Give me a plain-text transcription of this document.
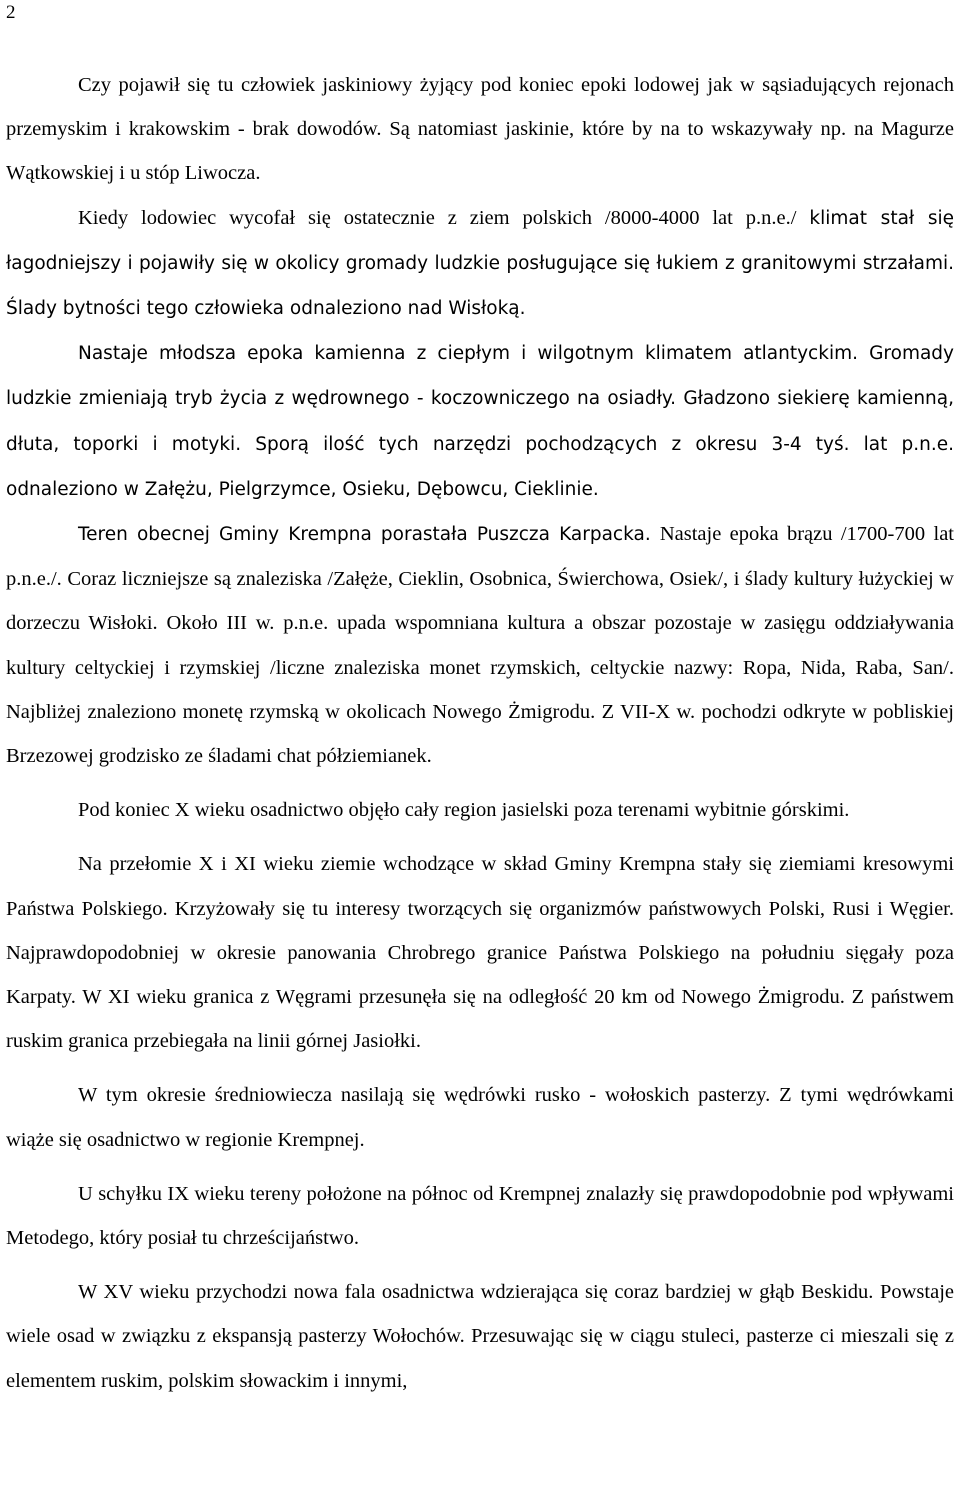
2

Czy pojawił się tu człowiek jaskiniowy żyjący pod koniec epoki lodowej jak w sąsiadujących rejonach przemyskim i krakowskim - brak dowodów. Są natomiast jaskinie, które by na to wskazywały np. na Magurze Wątkowskiej i u stóp Liwocza.

Kiedy lodowiec wycofał się ostatecznie z ziem polskich /8000-4000 lat p.n.e./ klimat stał się łagodniejszy i pojawiły się w okolicy gromady ludzkie posługujące się łukiem z granitowymi strzałami. Ślady bytności tego człowieka odnaleziono nad Wisłoką.

Nastaje młodsza epoka kamienna z ciepłym i wilgotnym klimatem atlantyckim. Gromady ludzkie zmieniają tryb życia z wędrownego - koczowniczego na osiadły. Gładzono siekierę kamienną, dłuta, toporki i motyki. Sporą ilość tych narzędzi pochodzących z okresu 3-4 tyś. lat p.n.e. odnaleziono w Załężu, Pielgrzymce, Osieku, Dębowcu, Cieklinie.

Teren obecnej Gminy Krempna porastała Puszcza Karpacka. Nastaje epoka brązu /1700-700 lat p.n.e./. Coraz liczniejsze są znaleziska /Załęże, Cieklin, Osobnica, Świerchowa, Osiek/, i ślady kultury łużyckiej w dorzeczu Wisłoki. Około III w. p.n.e. upada wspomniana kultura a obszar pozostaje w zasięgu oddziaływania kultury celtyckiej i rzymskiej /liczne znaleziska monet rzymskich, celtyckie nazwy: Ropa, Nida, Raba, San/. Najbliżej znaleziono monetę rzymską w okolicach Nowego Żmigrodu. Z VII-X w. pochodzi odkryte w pobliskiej Brzezowej grodzisko ze śladami chat półziemianek.

Pod koniec X wieku osadnictwo objęło cały region jasielski poza terenami wybitnie górskimi.

Na przełomie X i XI wieku ziemie wchodzące w skład Gminy Krempna stały się ziemiami kresowymi Państwa Polskiego. Krzyżowały się tu interesy tworzących się organizmów państwowych Polski, Rusi i Węgier. Najprawdopodobniej w okresie panowania Chrobrego granice Państwa Polskiego na południu sięgały poza Karpaty. W XI wieku granica z Węgrami przesunęła się na odległość 20 km od Nowego Żmigrodu. Z państwem ruskim granica przebiegała na linii górnej Jasiołki.

W tym okresie średniowiecza nasilają się wędrówki rusko - wołoskich pasterzy. Z tymi wędrówkami wiąże się osadnictwo w regionie Krempnej.

U schyłku IX wieku tereny położone na północ od Krempnej znalazły się prawdopodobnie pod wpływami Metodego, który posiał tu chrześcijaństwo.

W XV wieku przychodzi nowa fala osadnictwa wdzierająca się coraz bardziej w głąb Beskidu. Powstaje wiele osad w związku z ekspansją pasterzy Wołochów. Przesuwając się w ciągu stuleci, pasterze ci mieszali się z elementem ruskim, polskim słowackim i innymi,
